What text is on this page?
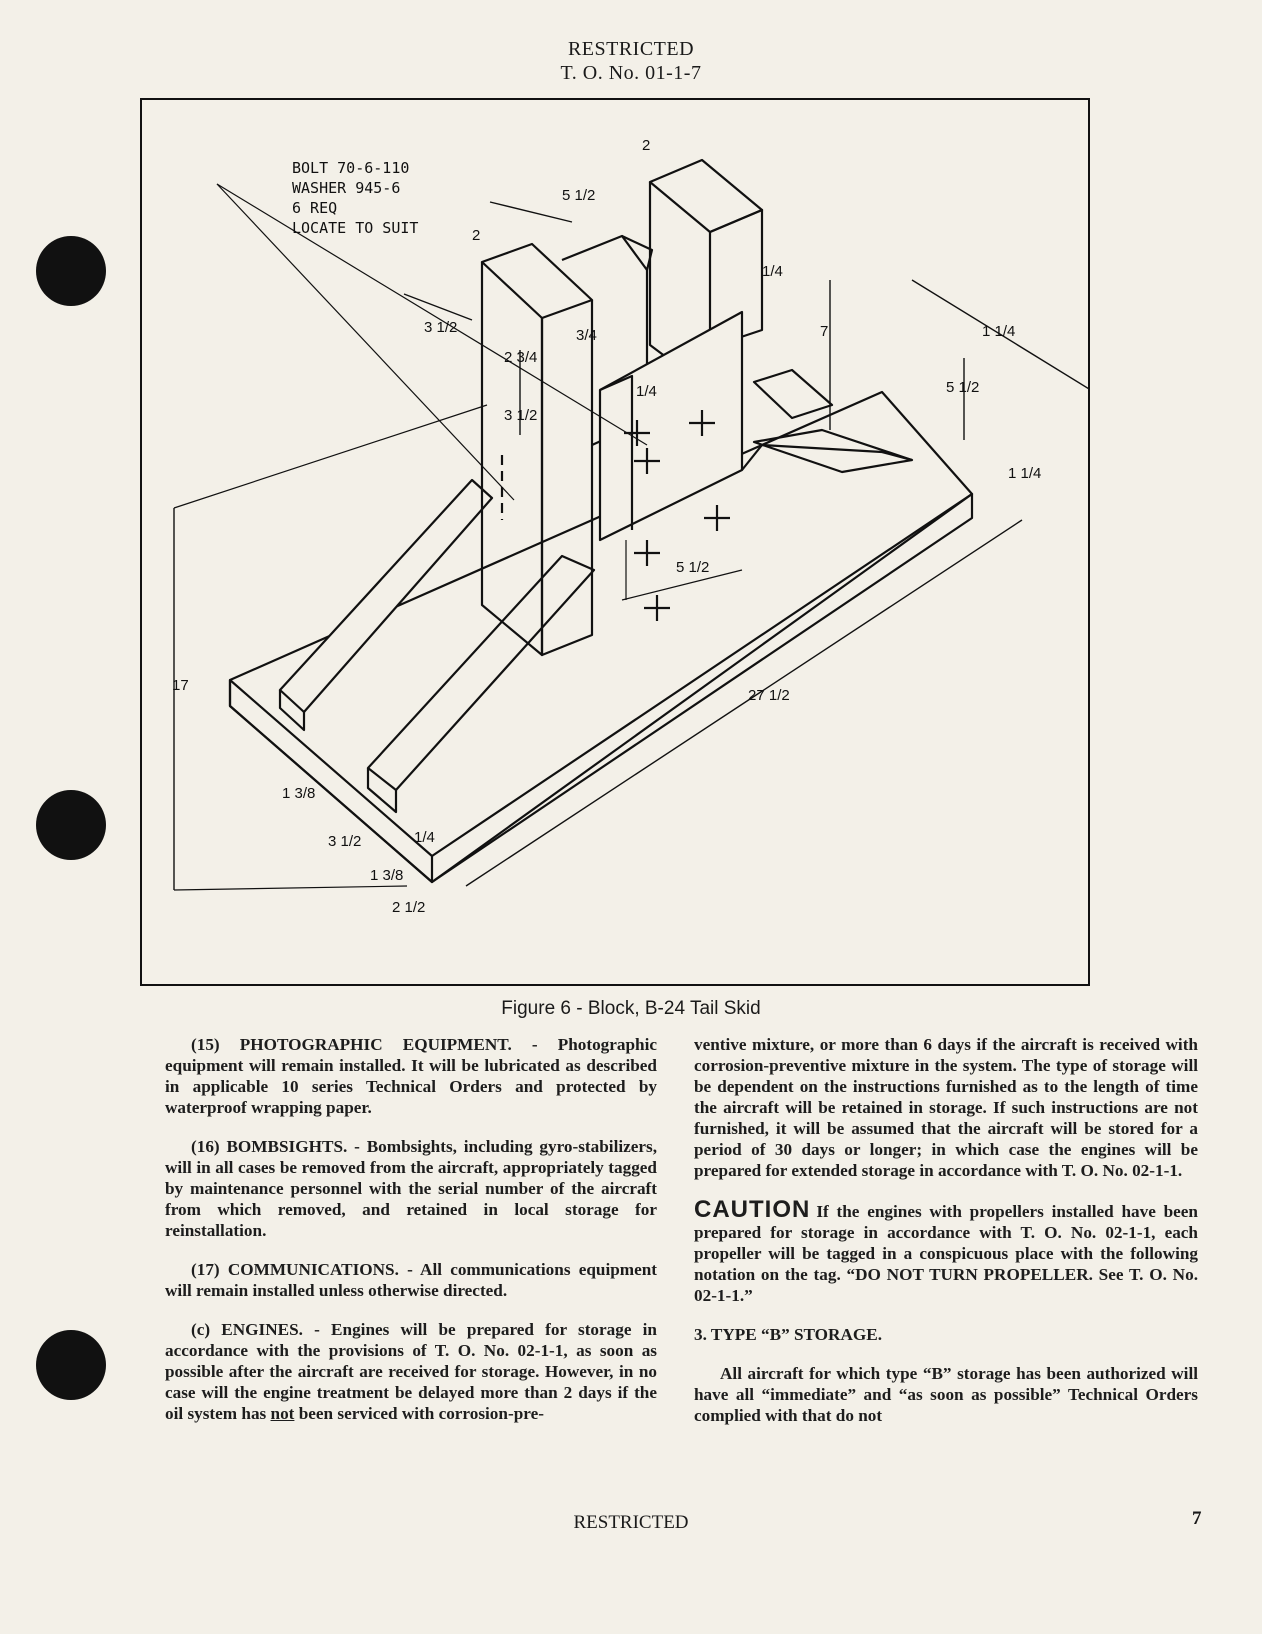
RESTRICTED
T. O. No. 01-1-7
2
2
5 1/2
3 1/2
2 3/4
3/4
3 1/2
1/4
1/4
7	1 1/4
5 1/2
1 1/4
5 1/2
17
27 1/2
1 3/8
3 1/2
1 3/8
1/4
2 1/2
BOLT 70-6-110
WASHER 945-6
6 REQ
LOCATE TO SUIT
Figure 6 - Block, B-24 Tail Skid

(15) PHOTOGRAPHIC EQUIPMENT. - Photographic equipment will remain installed. It will be lubricated as described in applicable 10 series Technical Orders and protected by waterproof wrapping paper.

(16) BOMBSIGHTS. - Bombsights, including gyro-stabilizers, will in all cases be removed from the aircraft, appropriately tagged by maintenance personnel with the serial number of the aircraft from which removed, and retained in local storage for reinstallation.

(17) COMMUNICATIONS. - All communications equipment will remain installed unless otherwise directed.

(c) ENGINES. - Engines will be prepared for storage in accordance with the provisions of T. O. No. 02-1-1, as soon as possible after the aircraft are received for storage. However, in no case will the engine treatment be delayed more than 2 days if the oil system has not been serviced with corrosion-pre-

ventive mixture, or more than 6 days if the aircraft is received with corrosion-preventive mixture in the system. The type of storage will be dependent on the instructions furnished as to the length of time the aircraft will be retained in storage. If such instructions are not furnished, it will be assumed that the aircraft will be stored for a period of 30 days or longer; in which case the engines will be prepared for extended storage in accordance with T. O. No. 02-1-1.

CAUTION If the engines with propellers installed have been prepared for storage in accordance with T. O. No. 02-1-1, each propeller will be tagged in a conspicuous place with the following notation on the tag. “DO NOT TURN PROPELLER. See T. O. No. 02-1-1.”

3. TYPE “B” STORAGE.

All aircraft for which type “B” storage has been authorized will have all “immediate” and “as soon as possible” Technical Orders complied with that do not

RESTRICTED	7
